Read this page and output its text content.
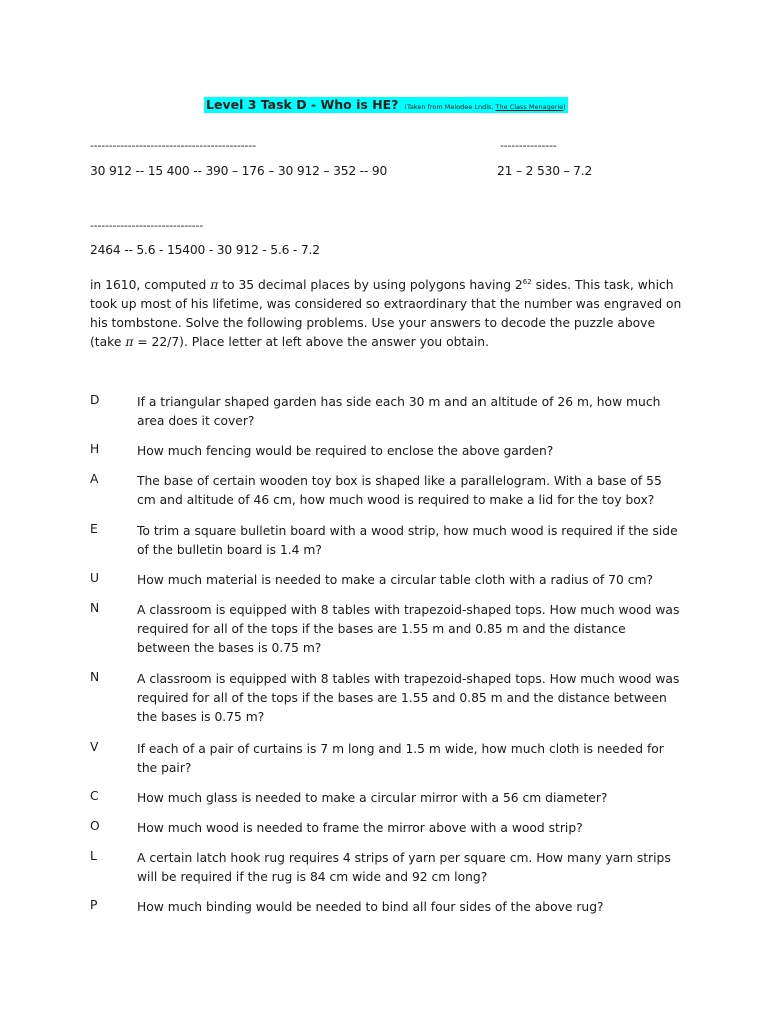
Level 3 Task D - Who is HE? (Taken from Melodee Lndis, The Class Menagerie)
--------------------------------------------	---------------
30 912 -- 15 400 -- 390 – 176 – 30 912 – 352 -- 90	21 – 2 530 – 7.2
------------------------------
2464 -- 5.6 - 15400 - 30 912 - 5.6 - 7.2
in 1610, computed π to 35 decimal places by using polygons having $2^{62}$ sides. This task, which took up most of his lifetime, was considered so extraordinary that the number was engraved on his tombstone. Solve the following problems. Use your answers to decode the puzzle above (take π = 22/7). Place letter at left above the answer you obtain.
D	If a triangular shaped garden has side each 30 m and an altitude of 26 m, how much area does it cover?
H	How much fencing would be required to enclose the above garden?
A	The base of certain wooden toy box is shaped like a parallelogram. With a base of 55 cm and altitude of 46 cm, how much wood is required to make a lid for the toy box?
E	To trim a square bulletin board with a wood strip, how much wood is required if the side of the bulletin board is 1.4 m?
U	How much material is needed to make a circular table cloth with a radius of 70 cm?
N	A classroom is equipped with 8 tables with trapezoid-shaped tops. How much wood was required for all of the tops if the bases are 1.55 m and 0.85 m and the distance between the bases is 0.75 m?
N	A classroom is equipped with 8 tables with trapezoid-shaped tops. How much wood was required for all of the tops if the bases are 1.55 and 0.85 m and the distance between the bases is 0.75 m?
V	If each of a pair of curtains is 7 m long and 1.5 m wide, how much cloth is needed for the pair?
C	How much glass is needed to make a circular mirror with a 56 cm diameter?
O	How much wood is needed to frame the mirror above with a wood strip?
L	A certain latch hook rug requires 4 strips of yarn per square cm. How many yarn strips will be required if the rug is 84 cm wide and 92 cm long?
P	How much binding would be needed to bind all four sides of the above rug?
